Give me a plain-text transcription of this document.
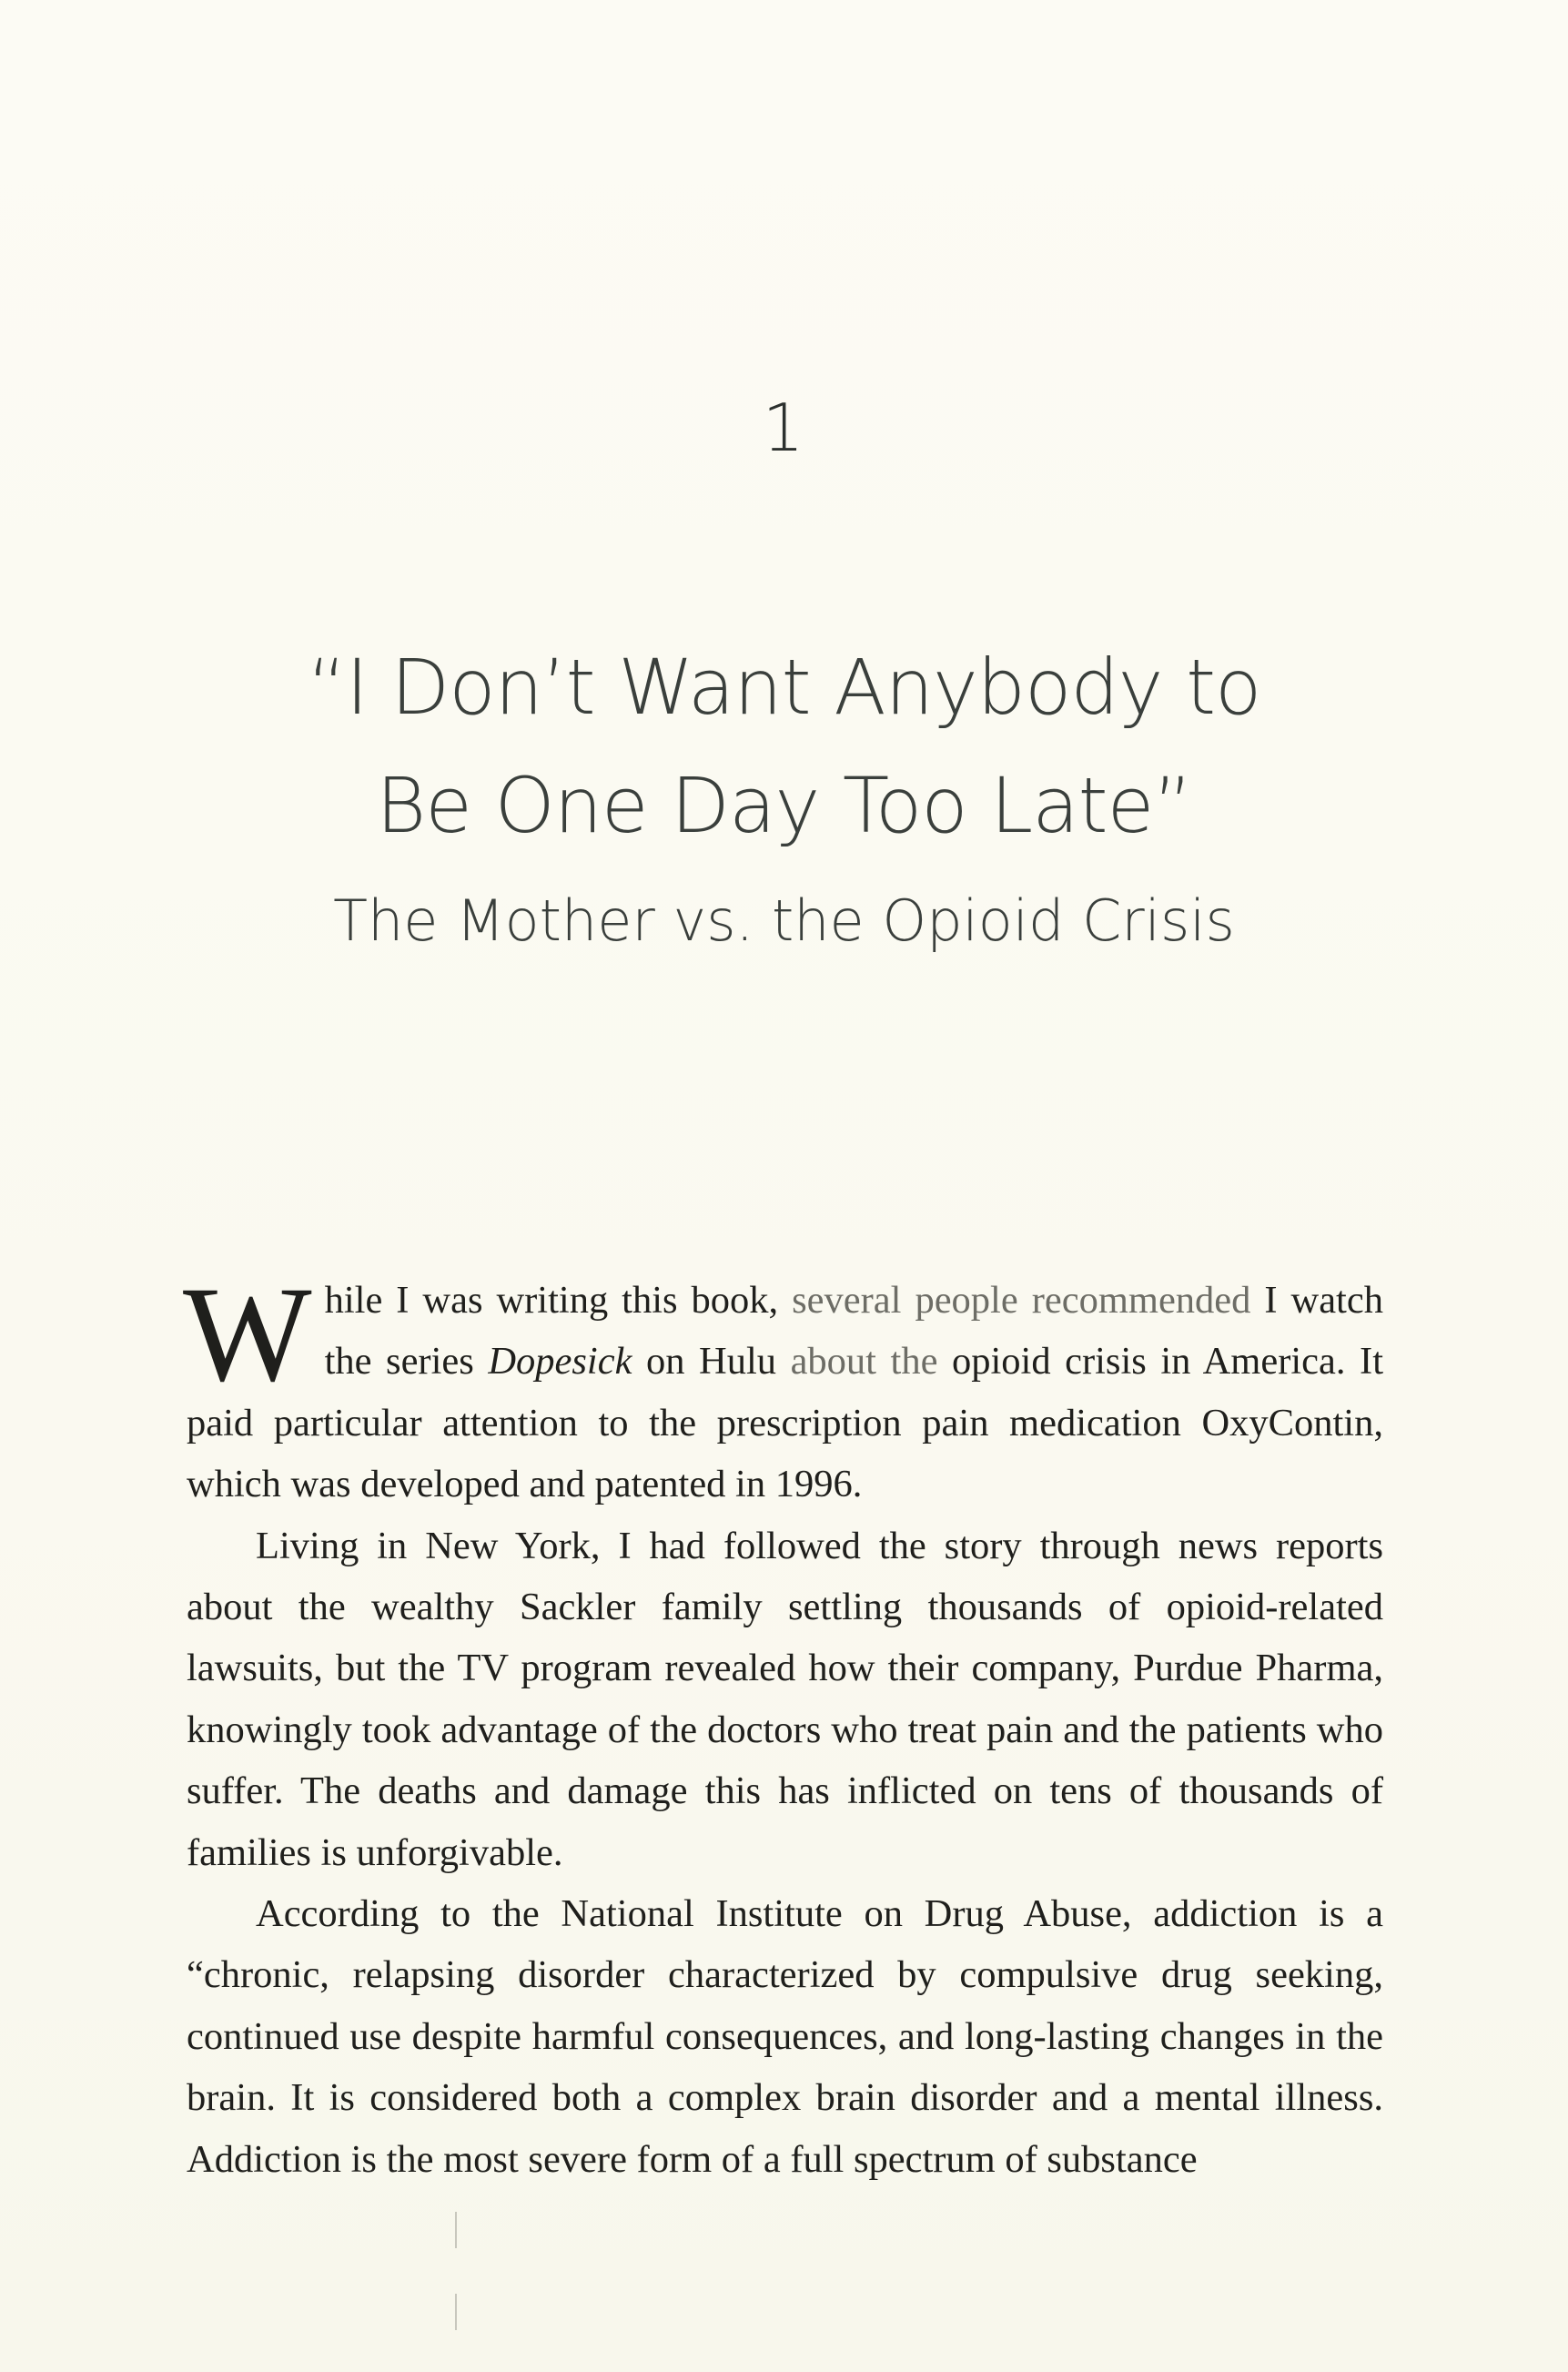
1
“I Don’t Want Anybody to
Be One Day Too Late”
The Mother vs. the Opioid Crisis

While I was writing this book, several people recommended I watch the series Dopesick on Hulu about the opioid crisis in America. It paid particular attention to the prescription pain medication OxyContin, which was developed and patented in 1996.

Living in New York, I had followed the story through news reports about the wealthy Sackler family settling thousands of opioid-related lawsuits, but the TV program revealed how their company, Purdue Pharma, knowingly took advantage of the doctors who treat pain and the patients who suffer. The deaths and damage this has inflicted on tens of thousands of families is unforgivable.

According to the National Institute on Drug Abuse, addiction is a “chronic, relapsing disorder characterized by compulsive drug seeking, continued use despite harmful consequences, and long-lasting changes in the brain. It is considered both a complex brain disorder and a mental illness. Addiction is the most severe form of a full spectrum of substance
